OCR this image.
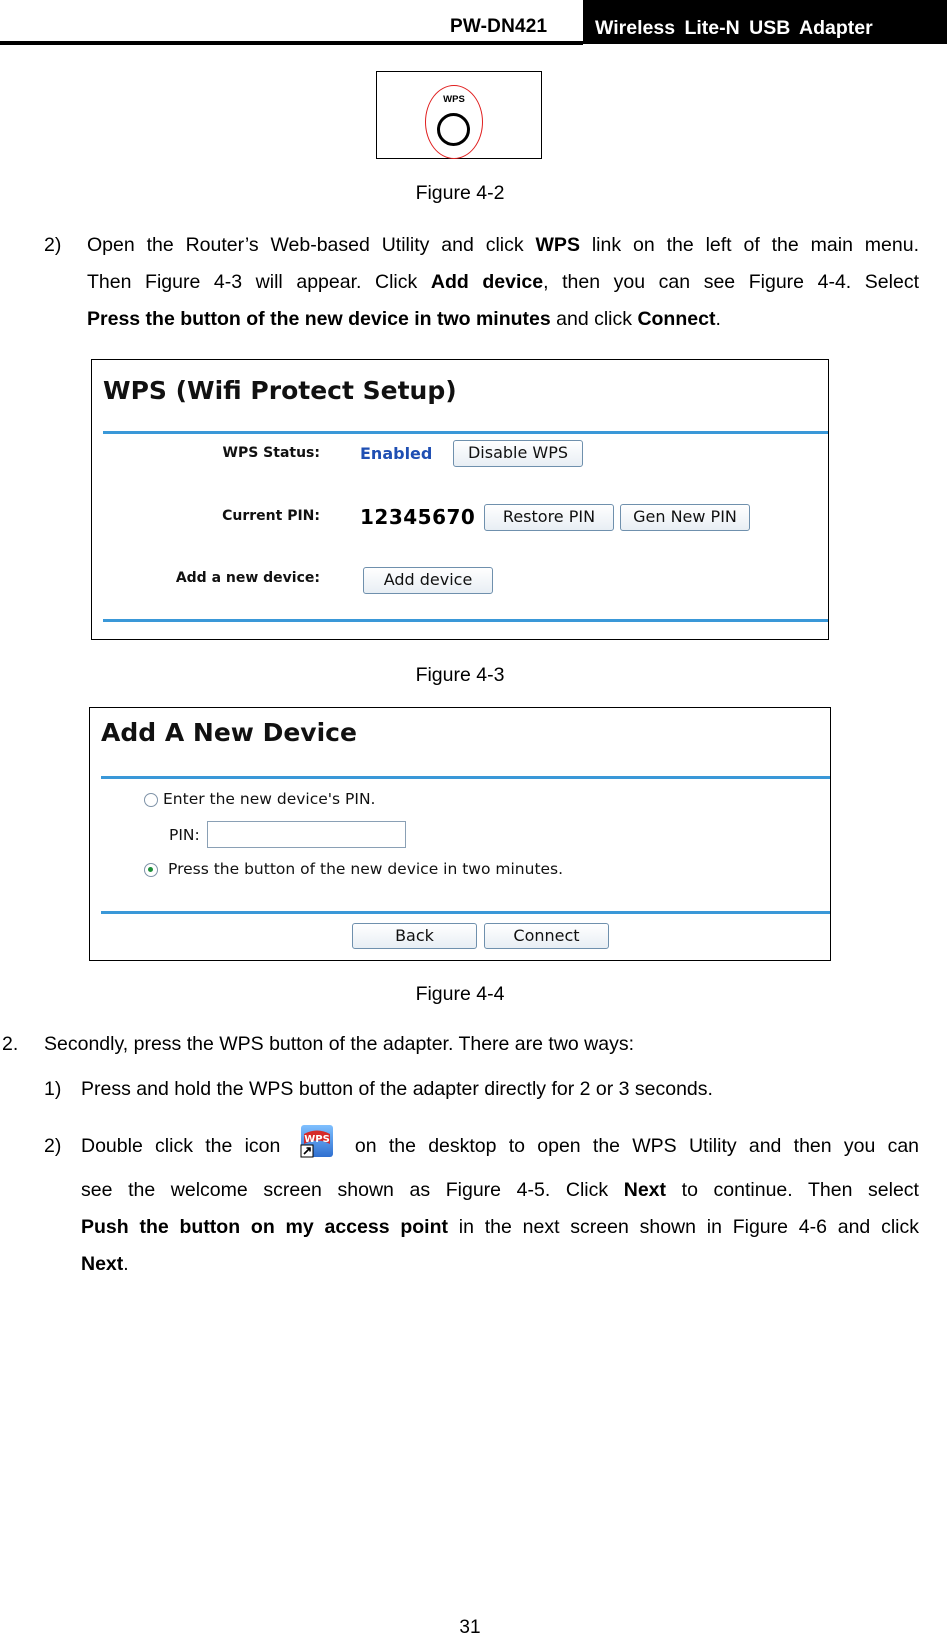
PW-DN421	Wireless Lite-N USB Adapter
WPS
Figure 4-2
2) Open the Router’s Web-based Utility and click WPS link on the left of the main menu.
Then Figure 4-3 will appear. Click Add device, then you can see Figure 4-4. Select
Press the button of the new device in two minutes and click Connect.
WPS (Wifi Protect Setup)
WPS Status:	Enabled	Disable WPS
Current PIN: 12345670	Restore PIN	Gen New PIN
Add a new device:	Add device
Figure 4-3
Add A New Device
Enter the new device's PIN.
PIN:
Press the button of the new device in two minutes.
Back	Connect
Figure 4-4
2. Secondly, press the WPS button of the adapter. There are two ways:
1) Press and hold the WPS button of the adapter directly for 2 or 3 seconds.
2) Double click the icon WPS on the desktop to open the WPS Utility and then you can
see the welcome screen shown as Figure 4-5. Click Next to continue. Then select
Push the button on my access point in the next screen shown in Figure 4-6 and click
Next.
31
